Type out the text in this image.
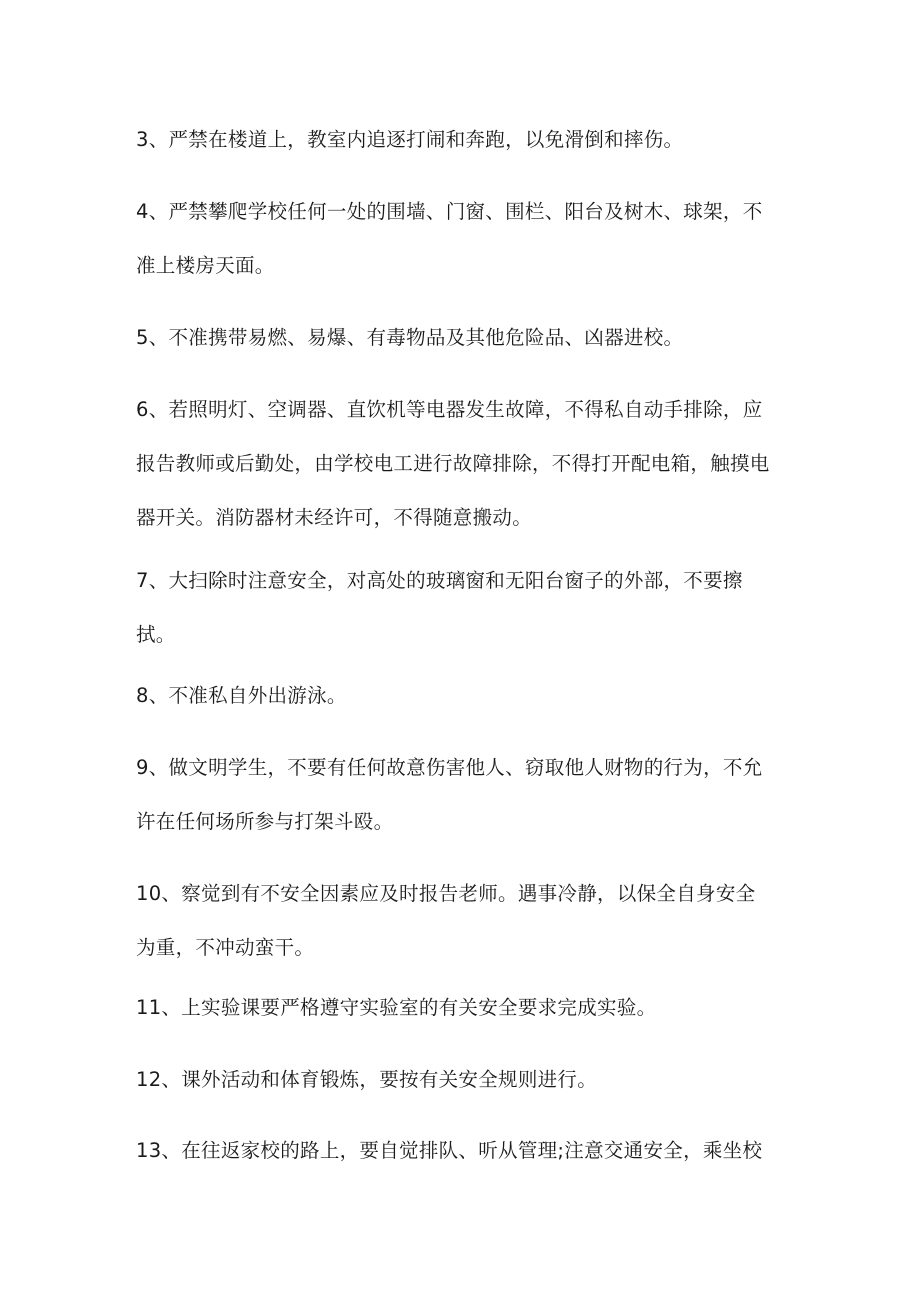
3、严禁在楼道上，教室内追逐打闹和奔跑，以免滑倒和摔伤。

4、严禁攀爬学校任何一处的围墙、门窗、围栏、阳台及树木、球架，不
准上楼房天面。

5、不准携带易燃、易爆、有毒物品及其他危险品、凶器进校。

6、若照明灯、空调器、直饮机等电器发生故障，不得私自动手排除，应
报告教师或后勤处，由学校电工进行故障排除，不得打开配电箱，触摸电
器开关。消防器材未经许可，不得随意搬动。

7、大扫除时注意安全，对高处的玻璃窗和无阳台窗子的外部，不要擦
拭。

8、不准私自外出游泳。

9、做文明学生，不要有任何故意伤害他人、窃取他人财物的行为，不允
许在任何场所参与打架斗殴。

10、察觉到有不安全因素应及时报告老师。遇事冷静，以保全自身安全
为重，不冲动蛮干。

11、上实验课要严格遵守实验室的有关安全要求完成实验。

12、课外活动和体育锻炼，要按有关安全规则进行。

13、在往返家校的路上，要自觉排队、听从管理;注意交通安全，乘坐校
